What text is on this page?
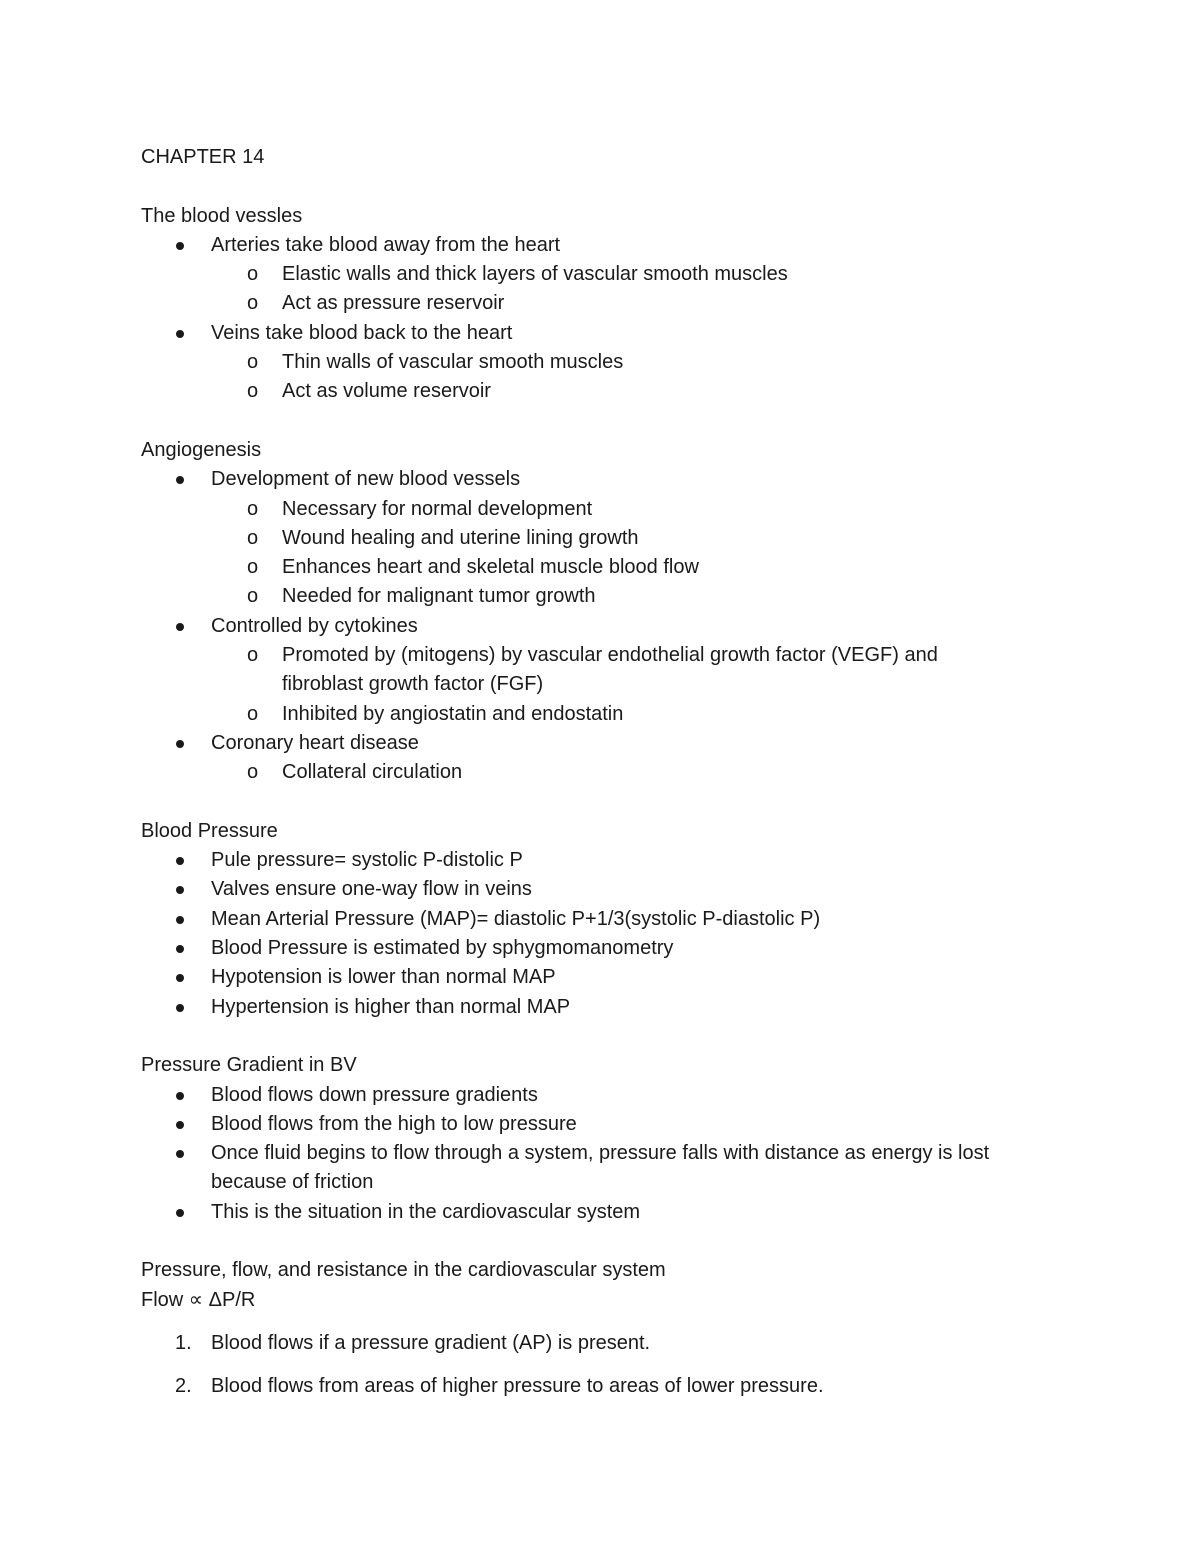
CHAPTER 14
The blood vessles
Arteries take blood away from the heart
o Elastic walls and thick layers of vascular smooth muscles
o Act as pressure reservoir
Veins take blood back to the heart
o Thin walls of vascular smooth muscles
o Act as volume reservoir
Angiogenesis
Development of new blood vessels
o Necessary for normal development
o Wound healing and uterine lining growth
o Enhances heart and skeletal muscle blood flow
o Needed for malignant tumor growth
Controlled by cytokines
o Promoted by (mitogens) by vascular endothelial growth factor (VEGF) and
fibroblast growth factor (FGF)
o Inhibited by angiostatin and endostatin
Coronary heart disease
o Collateral circulation
Blood Pressure
Pule pressure= systolic P-distolic P
Valves ensure one-way flow in veins
Mean Arterial Pressure (MAP)= diastolic P+1/3(systolic P-diastolic P)
Blood Pressure is estimated by sphygmomanometry
Hypotension is lower than normal MAP
Hypertension is higher than normal MAP
Pressure Gradient in BV
Blood flows down pressure gradients
Blood flows from the high to low pressure
Once fluid begins to flow through a system, pressure falls with distance as energy is lost
because of friction
This is the situation in the cardiovascular system
Pressure, flow, and resistance in the cardiovascular system
Flow ∝ ΔP/R
1. Blood flows if a pressure gradient (AP) is present.
2. Blood flows from areas of higher pressure to areas of lower pressure.
